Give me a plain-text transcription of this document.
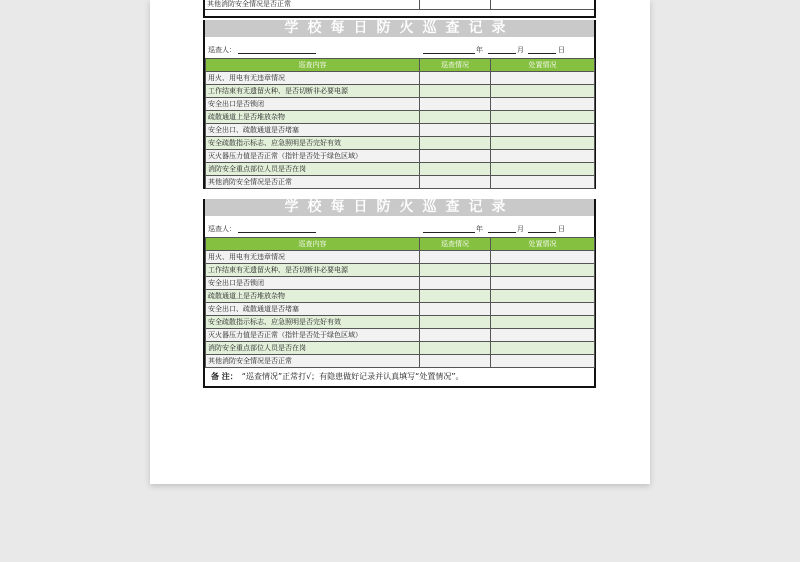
其他消防安全情况是否正常
学校每日防火巡查记录
巡查人：	年	月	日
巡查内容	巡查情况	处置情况
用火、用电有无违章情况		
工作结束有无遗留火种、是否切断非必要电源		
安全出口是否锁闭		
疏散通道上是否堆放杂物		
安全出口、疏散通道是否堵塞		
安全疏散指示标志、应急照明是否完好有效		
灭火器压力值是否正常（指针是否处于绿色区域）		
消防安全重点部位人员是否在岗		
其他消防安全情况是否正常		
学校每日防火巡查记录
巡查人：	年	月	日
巡查内容	巡查情况	处置情况
用火、用电有无违章情况		
工作结束有无遗留火种、是否切断非必要电源		
安全出口是否锁闭		
疏散通道上是否堆放杂物		
安全出口、疏散通道是否堵塞		
安全疏散指示标志、应急照明是否完好有效		
灭火器压力值是否正常（指针是否处于绿色区域）		
消防安全重点部位人员是否在岗		
其他消防安全情况是否正常		
备 注： “巡查情况”正常打√；有隐患做好记录并认真填写“处置情况”。
